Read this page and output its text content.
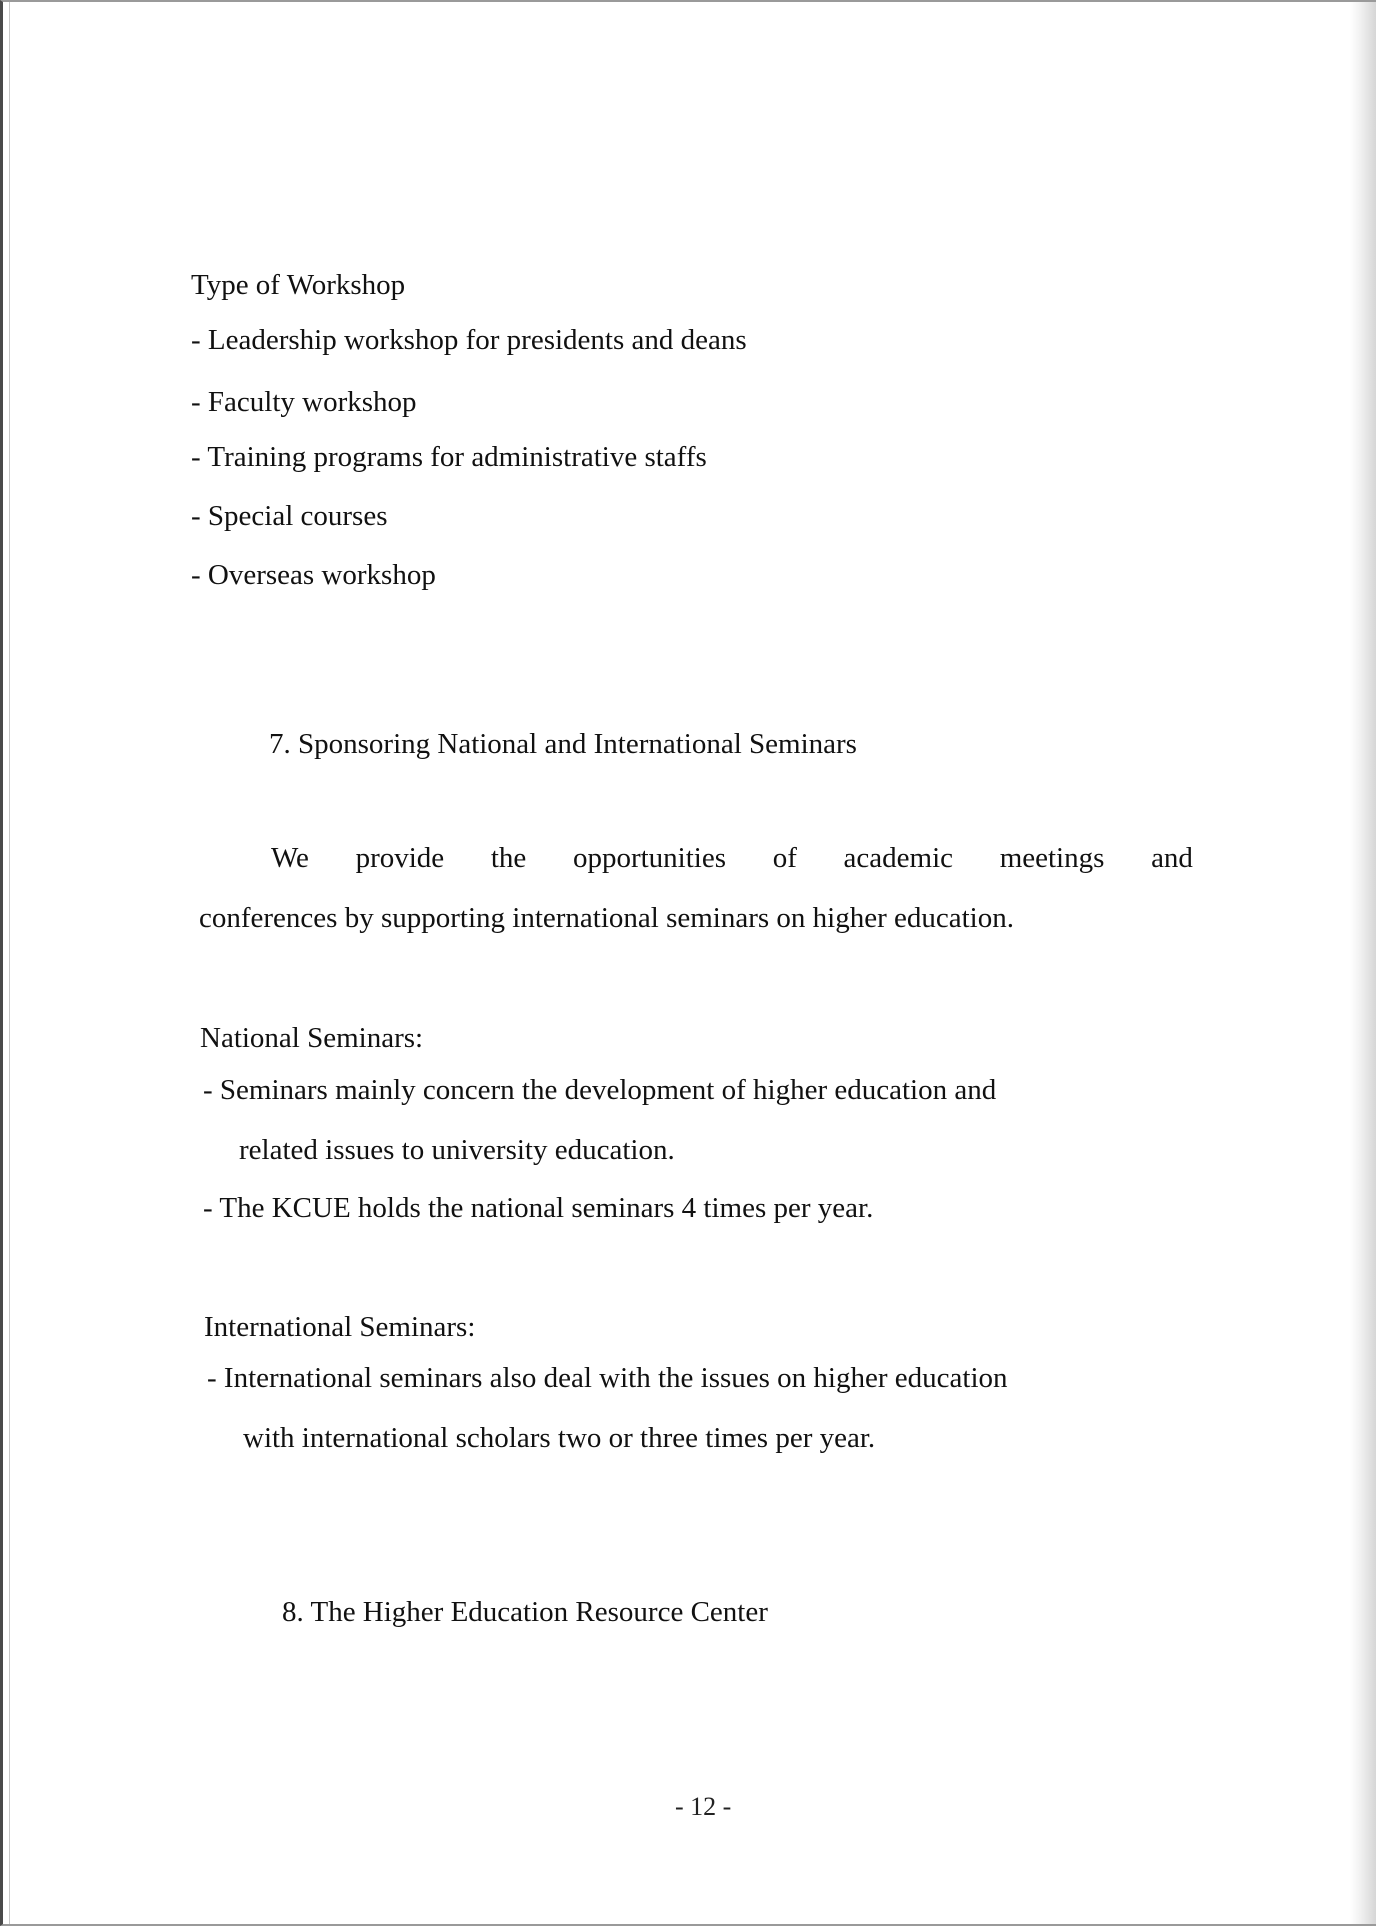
Type of Workshop
- Leadership workshop for presidents and deans
- Faculty workshop
- Training programs for administrative staffs
- Special courses
- Overseas workshop
7. Sponsoring National and International Seminars
We provide the opportunities of academic meetings and
conferences by supporting international seminars on higher education.
National Seminars:
- Seminars mainly concern the development of higher education and
related issues to university education.
- The KCUE holds the national seminars 4 times per year.
International Seminars:
- International seminars also deal with the issues on higher education
with international scholars two or three times per year.
8. The Higher Education Resource Center
- 12 -
